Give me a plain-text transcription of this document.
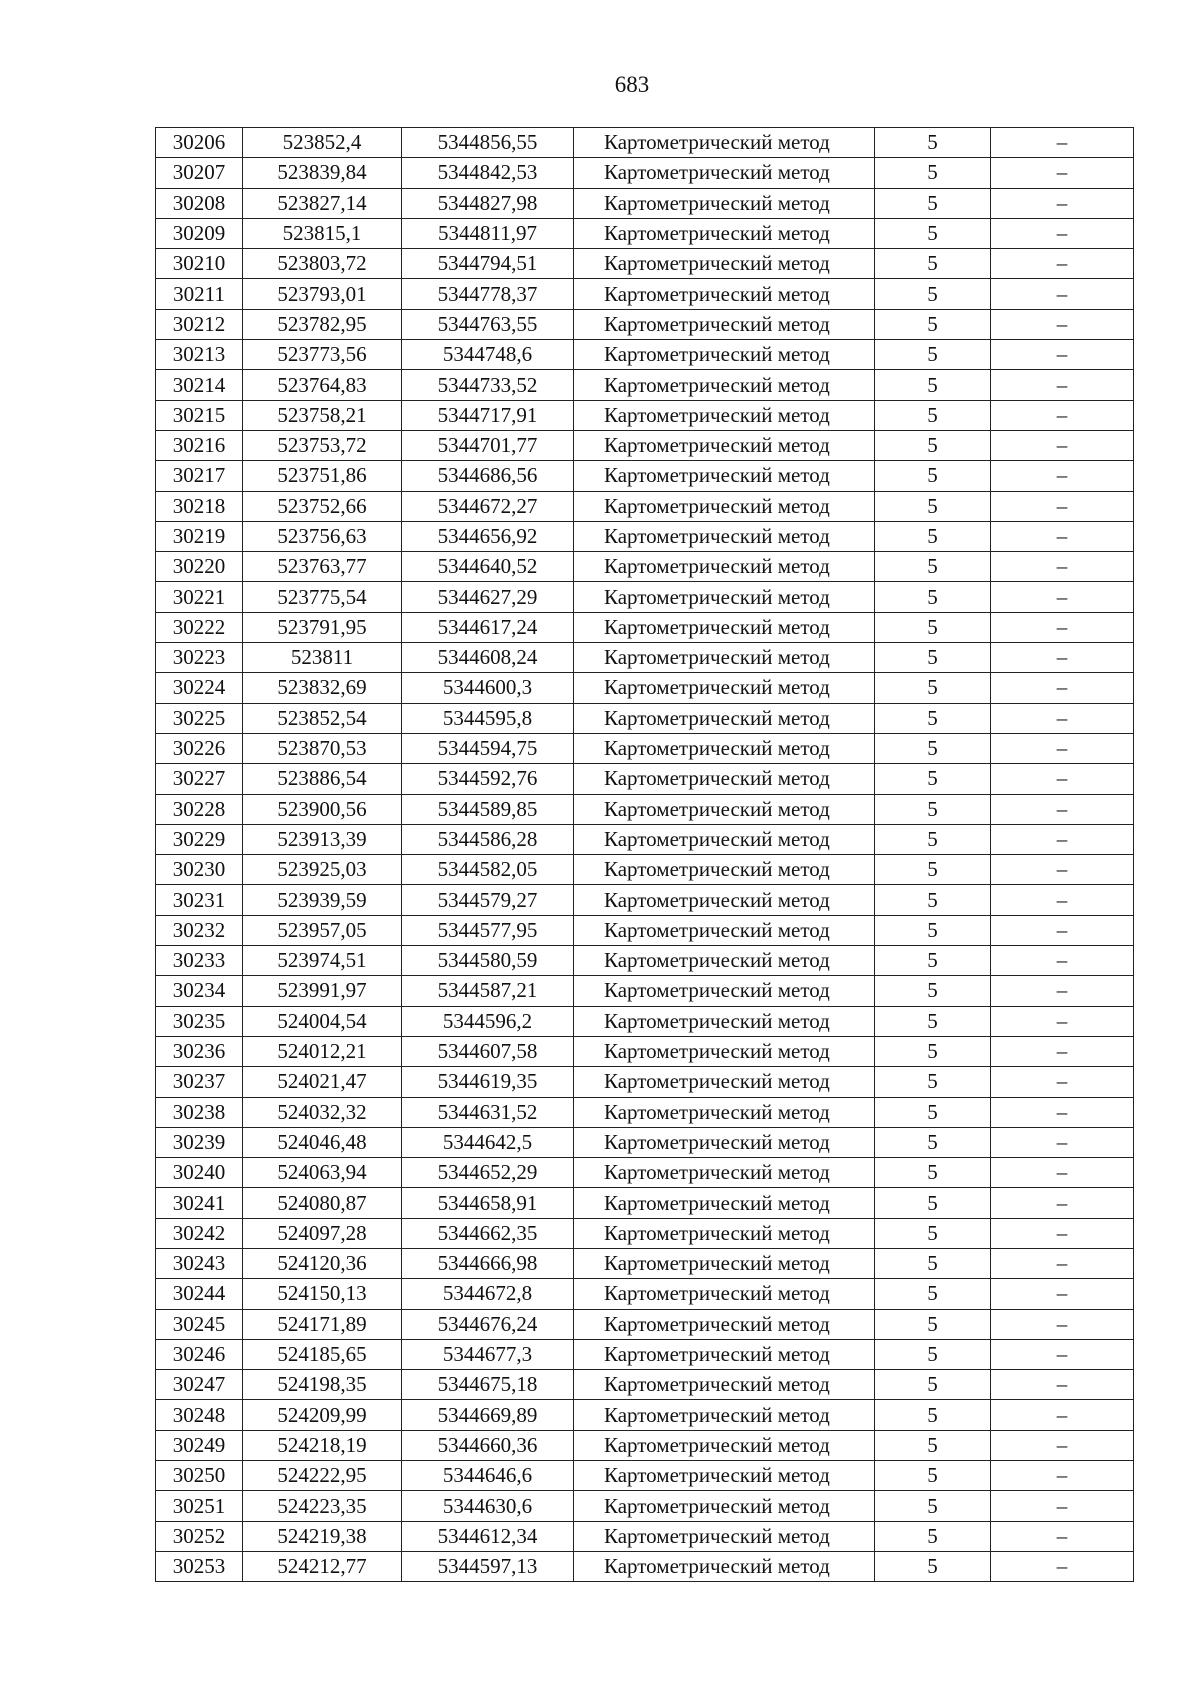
683
30206	523852,4	5344856,55	Картометрический метод	5	–
30207	523839,84	5344842,53	Картометрический метод	5	–
30208	523827,14	5344827,98	Картометрический метод	5	–
30209	523815,1	5344811,97	Картометрический метод	5	–
30210	523803,72	5344794,51	Картометрический метод	5	–
30211	523793,01	5344778,37	Картометрический метод	5	–
30212	523782,95	5344763,55	Картометрический метод	5	–
30213	523773,56	5344748,6	Картометрический метод	5	–
30214	523764,83	5344733,52	Картометрический метод	5	–
30215	523758,21	5344717,91	Картометрический метод	5	–
30216	523753,72	5344701,77	Картометрический метод	5	–
30217	523751,86	5344686,56	Картометрический метод	5	–
30218	523752,66	5344672,27	Картометрический метод	5	–
30219	523756,63	5344656,92	Картометрический метод	5	–
30220	523763,77	5344640,52	Картометрический метод	5	–
30221	523775,54	5344627,29	Картометрический метод	5	–
30222	523791,95	5344617,24	Картометрический метод	5	–
30223	523811	5344608,24	Картометрический метод	5	–
30224	523832,69	5344600,3	Картометрический метод	5	–
30225	523852,54	5344595,8	Картометрический метод	5	–
30226	523870,53	5344594,75	Картометрический метод	5	–
30227	523886,54	5344592,76	Картометрический метод	5	–
30228	523900,56	5344589,85	Картометрический метод	5	–
30229	523913,39	5344586,28	Картометрический метод	5	–
30230	523925,03	5344582,05	Картометрический метод	5	–
30231	523939,59	5344579,27	Картометрический метод	5	–
30232	523957,05	5344577,95	Картометрический метод	5	–
30233	523974,51	5344580,59	Картометрический метод	5	–
30234	523991,97	5344587,21	Картометрический метод	5	–
30235	524004,54	5344596,2	Картометрический метод	5	–
30236	524012,21	5344607,58	Картометрический метод	5	–
30237	524021,47	5344619,35	Картометрический метод	5	–
30238	524032,32	5344631,52	Картометрический метод	5	–
30239	524046,48	5344642,5	Картометрический метод	5	–
30240	524063,94	5344652,29	Картометрический метод	5	–
30241	524080,87	5344658,91	Картометрический метод	5	–
30242	524097,28	5344662,35	Картометрический метод	5	–
30243	524120,36	5344666,98	Картометрический метод	5	–
30244	524150,13	5344672,8	Картометрический метод	5	–
30245	524171,89	5344676,24	Картометрический метод	5	–
30246	524185,65	5344677,3	Картометрический метод	5	–
30247	524198,35	5344675,18	Картометрический метод	5	–
30248	524209,99	5344669,89	Картометрический метод	5	–
30249	524218,19	5344660,36	Картометрический метод	5	–
30250	524222,95	5344646,6	Картометрический метод	5	–
30251	524223,35	5344630,6	Картометрический метод	5	–
30252	524219,38	5344612,34	Картометрический метод	5	–
30253	524212,77	5344597,13	Картометрический метод	5	–
